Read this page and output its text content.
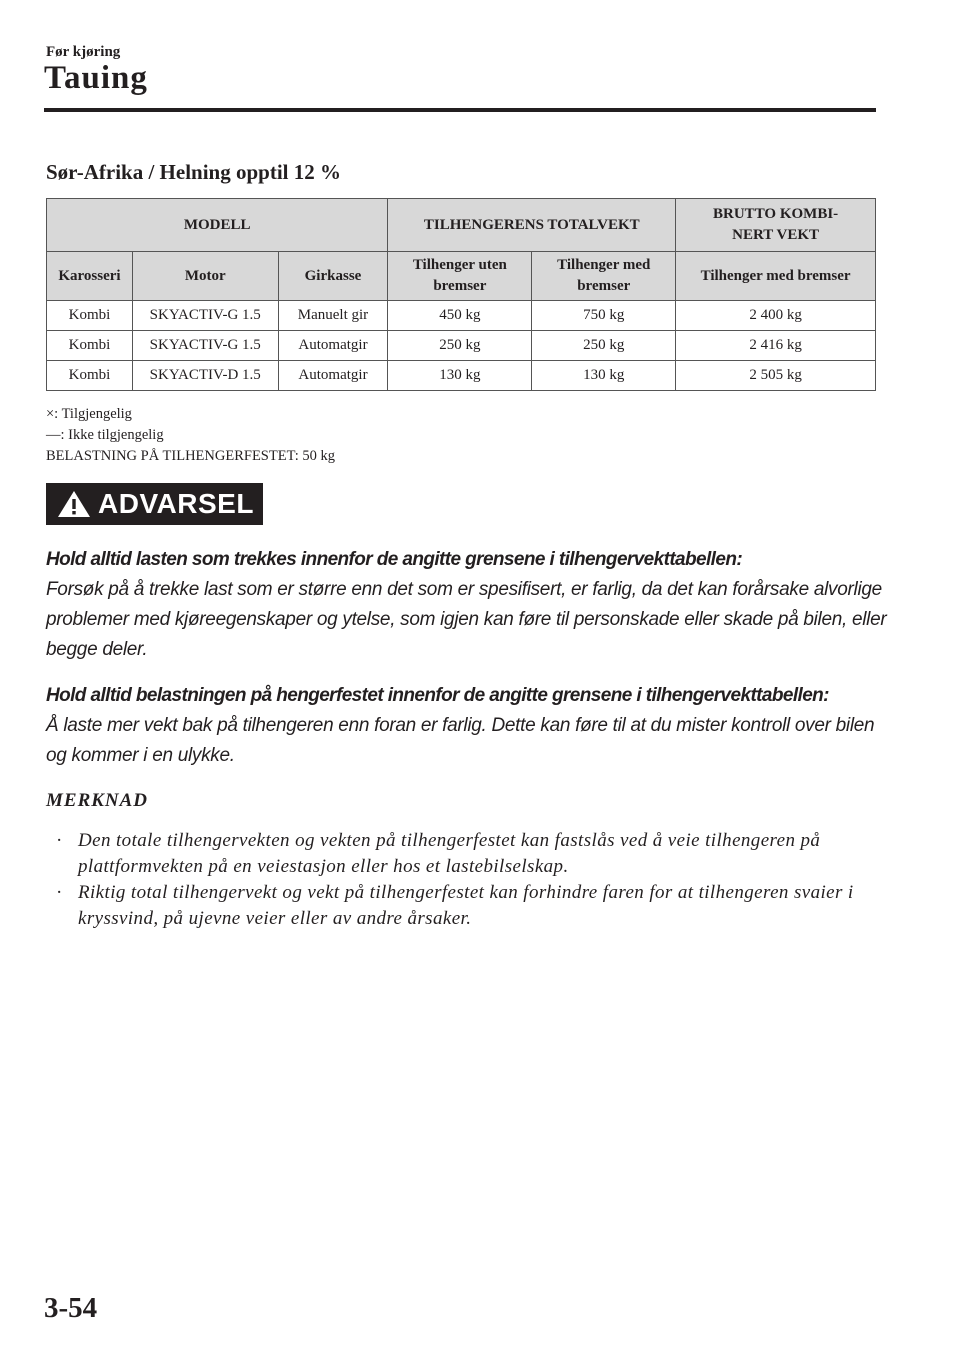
Før kjøring
Tauing
Sør-Afrika / Helning opptil 12 %
MODELL			TILHENGERENS TOTALVEKT		BRUTTO KOMBI-NERT VEKT

Karosseri	Motor	Girkasse	Tilhenger uten bremser	Tilhenger med bremser	Tilhenger med bremser
Kombi	SKYACTIV-G 1.5	Manuelt gir	450 kg	750 kg	2 400 kg
Kombi	SKYACTIV-G 1.5	Automatgir	250 kg	250 kg	2 416 kg
Kombi	SKYACTIV-D 1.5	Automatgir	130 kg	130 kg	2 505 kg
×: Tilgjengelig
―: Ikke tilgjengelig
BELASTNING PÅ TILHENGERFESTET: 50 kg
ADVARSEL
Hold alltid lasten som trekkes innenfor de angitte grensene i tilhengervekttabellen:
Forsøk på å trekke last som er større enn det som er spesifisert, er farlig, da det kan forårsake alvorlige problemer med kjøreegenskaper og ytelse, som igjen kan føre til personskade eller skade på bilen, eller begge deler.
Hold alltid belastningen på hengerfestet innenfor de angitte grensene i tilhengervekttabellen:
Å laste mer vekt bak på tilhengeren enn foran er farlig. Dette kan føre til at du mister kontroll over bilen og kommer i en ulykke.
MERKNAD
· Den totale tilhengervekten og vekten på tilhengerfestet kan fastslås ved å veie tilhengeren på plattformvekten på en veiestasjon eller hos et lastebilselskap.
· Riktig total tilhengervekt og vekt på tilhengerfestet kan forhindre faren for at tilhengeren svaier i kryssvind, på ujevne veier eller av andre årsaker.
3-54
